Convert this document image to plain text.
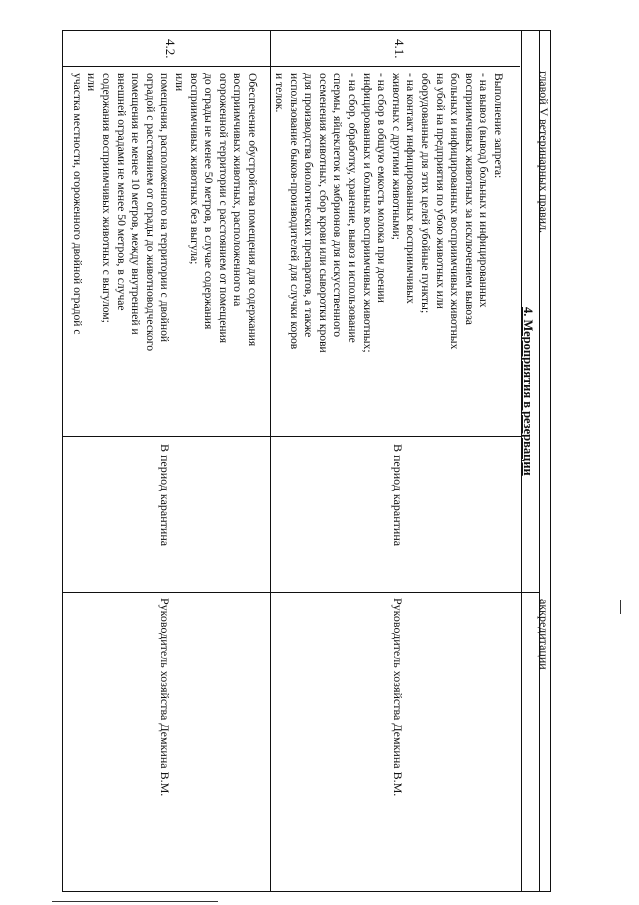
главой V ветеринарных правил.
аккредитации
4. Мероприятия в резервации
4.1.

Выполнение запрета:

- на вывоз (вывод) больных и инфицированных

восприимчивых животных за исключением вывоза

больных и инфицированных восприимчивых животных

на убой на предприятия по убою животных или

оборудованные для этих целей убойные пункты;

- на контакт инфицированных восприимчивых

животных с другими животными;

- на сбор в общую емкость молока при доении

инфицированных и больных восприимчивых животных;

- на сбор, обработку, хранение, вывоз и использование

спермы, яйцеклеток и эмбрионов для искусственного

осеменения животных, сбор крови или сыворотки крови

для производства биологических препаратов, а также

использование быков-производителей для случки коров

и телок.

В период карантина
Руководитель хозяйства Демкина В.М.
4.2.

Обеспечение обустройства помещения для содержания

восприимчивых животных, расположенного на

огороженной территории с расстоянием от помещения

до ограды не менее 50 метров, в случае содержания

восприимчивых животных без выгула;

или

помещения, расположенного на территории с двойной

оградой с расстоянием от ограды до животноводческого

помещения не менее 10 метров, между внутренней и

внешней оградами не менее 50 метров, в случае

содержания восприимчивых животных с выгулом;

или

участка местности, огороженного двойной оградой с

В период карантина
Руководитель хозяйства Демкина В.М.
